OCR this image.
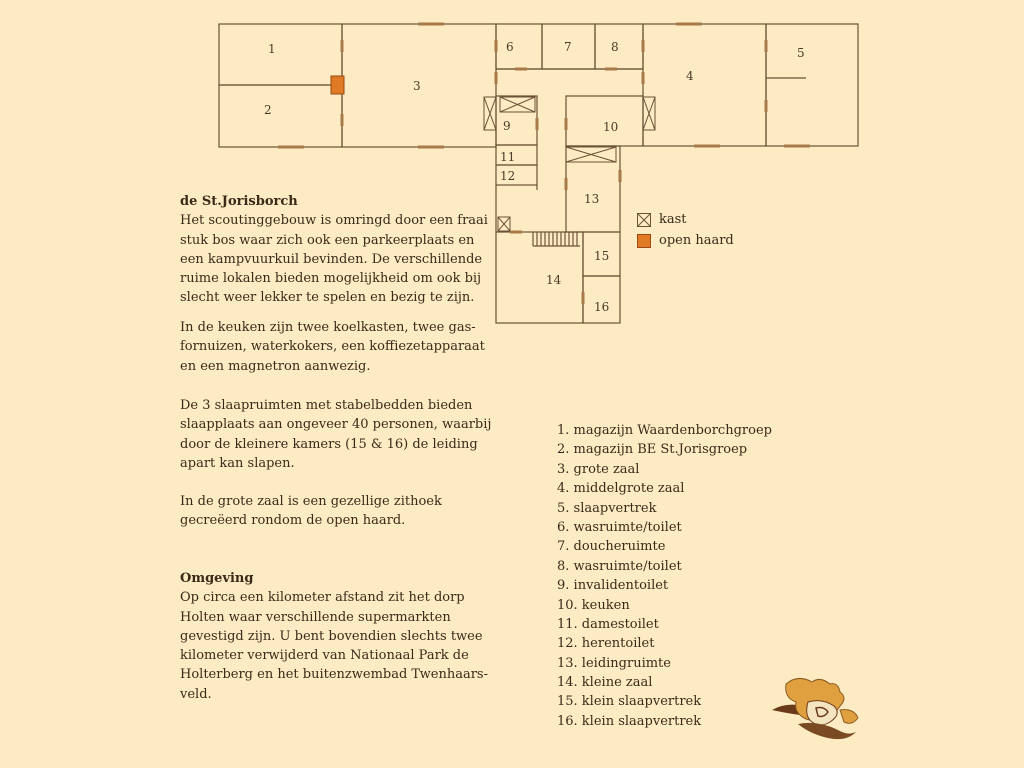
1
2
3
4
5
6	7	8
9	10
11
12
13
14
15
16
kast
open haard

de St.Jorisborch

Het scoutinggebouw is omringd door een fraai

stuk bos waar zich ook een parkeerplaats en

een kampvuurkuil bevinden. De verschillende

ruime lokalen bieden mogelijkheid om ook bij

slecht weer lekker te spelen en bezig te zijn.

In de keuken zijn twee koelkasten, twee gas-

fornuizen, waterkokers, een koffiezetapparaat

en een magnetron aanwezig.

De 3 slaapruimten met stabelbedden bieden

slaapplaats aan ongeveer 40 personen, waarbij

door de kleinere kamers (15 & 16) de leiding

apart kan slapen.

In de grote zaal is een gezellige zithoek

gecreëerd rondom de open haard.

Omgeving

Op circa een kilometer afstand zit het dorp

Holten waar verschillende supermarkten

gevestigd zijn. U bent bovendien slechts twee

kilometer verwijderd van Nationaal Park de

Holterberg en het buitenzwembad Twenhaars-

veld.

1. magazijn Waardenborchgroep
2. magazijn BE St.Jorisgroep
3. grote zaal
4. middelgrote zaal
5. slaapvertrek
6. wasruimte/toilet
7. doucheruimte
8. wasruimte/toilet
9. invalidentoilet
10. keuken
11. damestoilet
12. herentoilet
13. leidingruimte
14. kleine zaal
15. klein slaapvertrek
16. klein slaapvertrek
